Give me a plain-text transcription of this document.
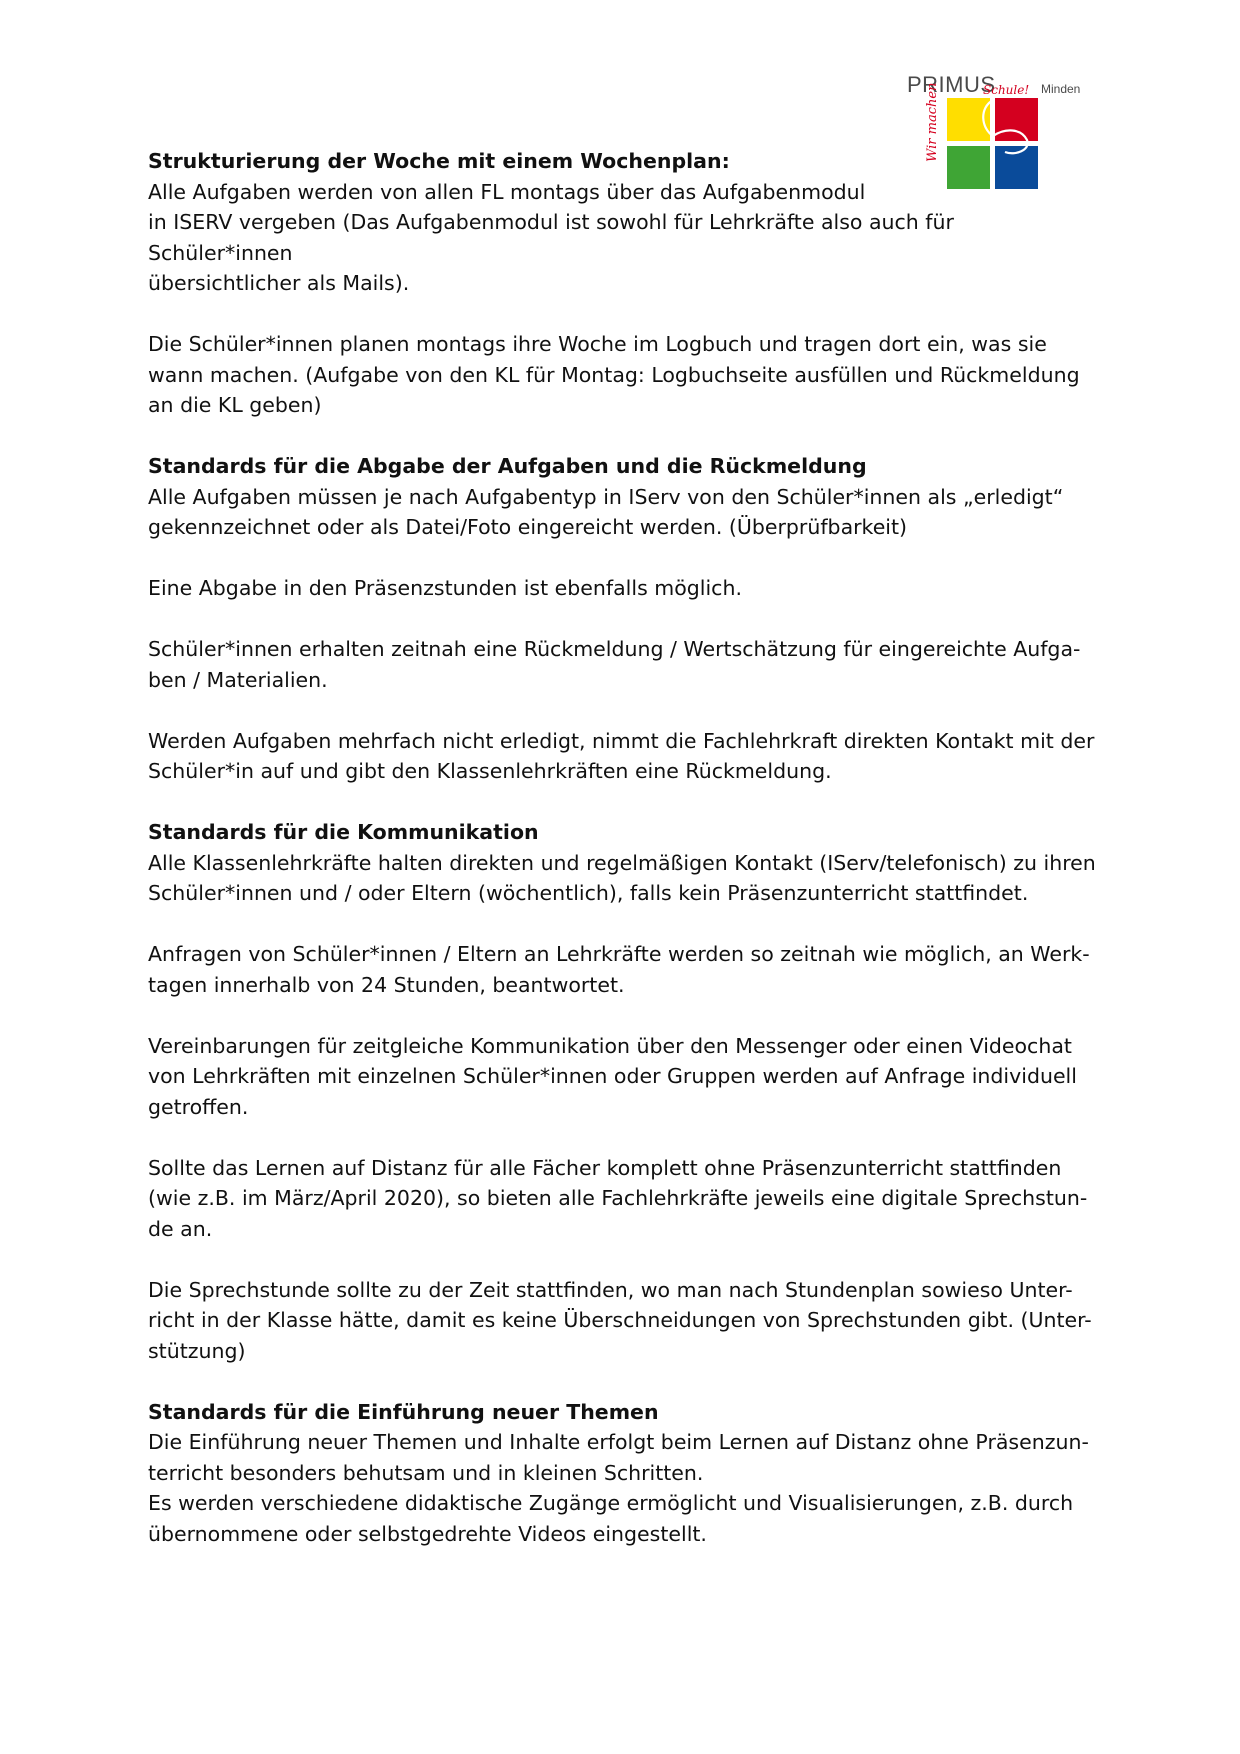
PRIMUS
Schule! Minden
Wir machen

Strukturierung der Woche mit einem Wochenplan:
Alle Aufgaben werden von allen FL montags über das Aufgabenmodul
in ISERV vergeben (Das Aufgabenmodul ist sowohl für Lehrkräfte also auch für Schüler*innen
übersichtlicher als Mails).

Die Schüler*innen planen montags ihre Woche im Logbuch und tragen dort ein, was sie
wann machen. (Aufgabe von den KL für Montag: Logbuchseite ausfüllen und Rückmeldung
an die KL geben)

Standards für die Abgabe der Aufgaben und die Rückmeldung
Alle Aufgaben müssen je nach Aufgabentyp in IServ von den Schüler*innen als „erledigt“
gekennzeichnet oder als Datei/Foto eingereicht werden. (Überprüfbarkeit)

Eine Abgabe in den Präsenzstunden ist ebenfalls möglich.

Schüler*innen erhalten zeitnah eine Rückmeldung / Wertschätzung für eingereichte Aufga-
ben / Materialien.

Werden Aufgaben mehrfach nicht erledigt, nimmt die Fachlehrkraft direkten Kontakt mit der
Schüler*in auf und gibt den Klassenlehrkräften eine Rückmeldung.

Standards für die Kommunikation
Alle Klassenlehrkräfte halten direkten und regelmäßigen Kontakt (IServ/telefonisch) zu ihren
Schüler*innen und / oder Eltern (wöchentlich), falls kein Präsenzunterricht stattfindet.

Anfragen von Schüler*innen / Eltern an Lehrkräfte werden so zeitnah wie möglich, an Werk-
tagen innerhalb von 24 Stunden, beantwortet.

Vereinbarungen für zeitgleiche Kommunikation über den Messenger oder einen Videochat
von Lehrkräften mit einzelnen Schüler*innen oder Gruppen werden auf Anfrage individuell
getroffen.

Sollte das Lernen auf Distanz für alle Fächer komplett ohne Präsenzunterricht stattfinden
(wie z.B. im März/April 2020), so bieten alle Fachlehrkräfte jeweils eine digitale Sprechstun-
de an.

Die Sprechstunde sollte zu der Zeit stattfinden, wo man nach Stundenplan sowieso Unter-
richt in der Klasse hätte, damit es keine Überschneidungen von Sprechstunden gibt. (Unter-
stützung)

Standards für die Einführung neuer Themen
Die Einführung neuer Themen und Inhalte erfolgt beim Lernen auf Distanz ohne Präsenzun-
terricht besonders behutsam und in kleinen Schritten.
Es werden verschiedene didaktische Zugänge ermöglicht und Visualisierungen, z.B. durch
übernommene oder selbstgedrehte Videos eingestellt.
